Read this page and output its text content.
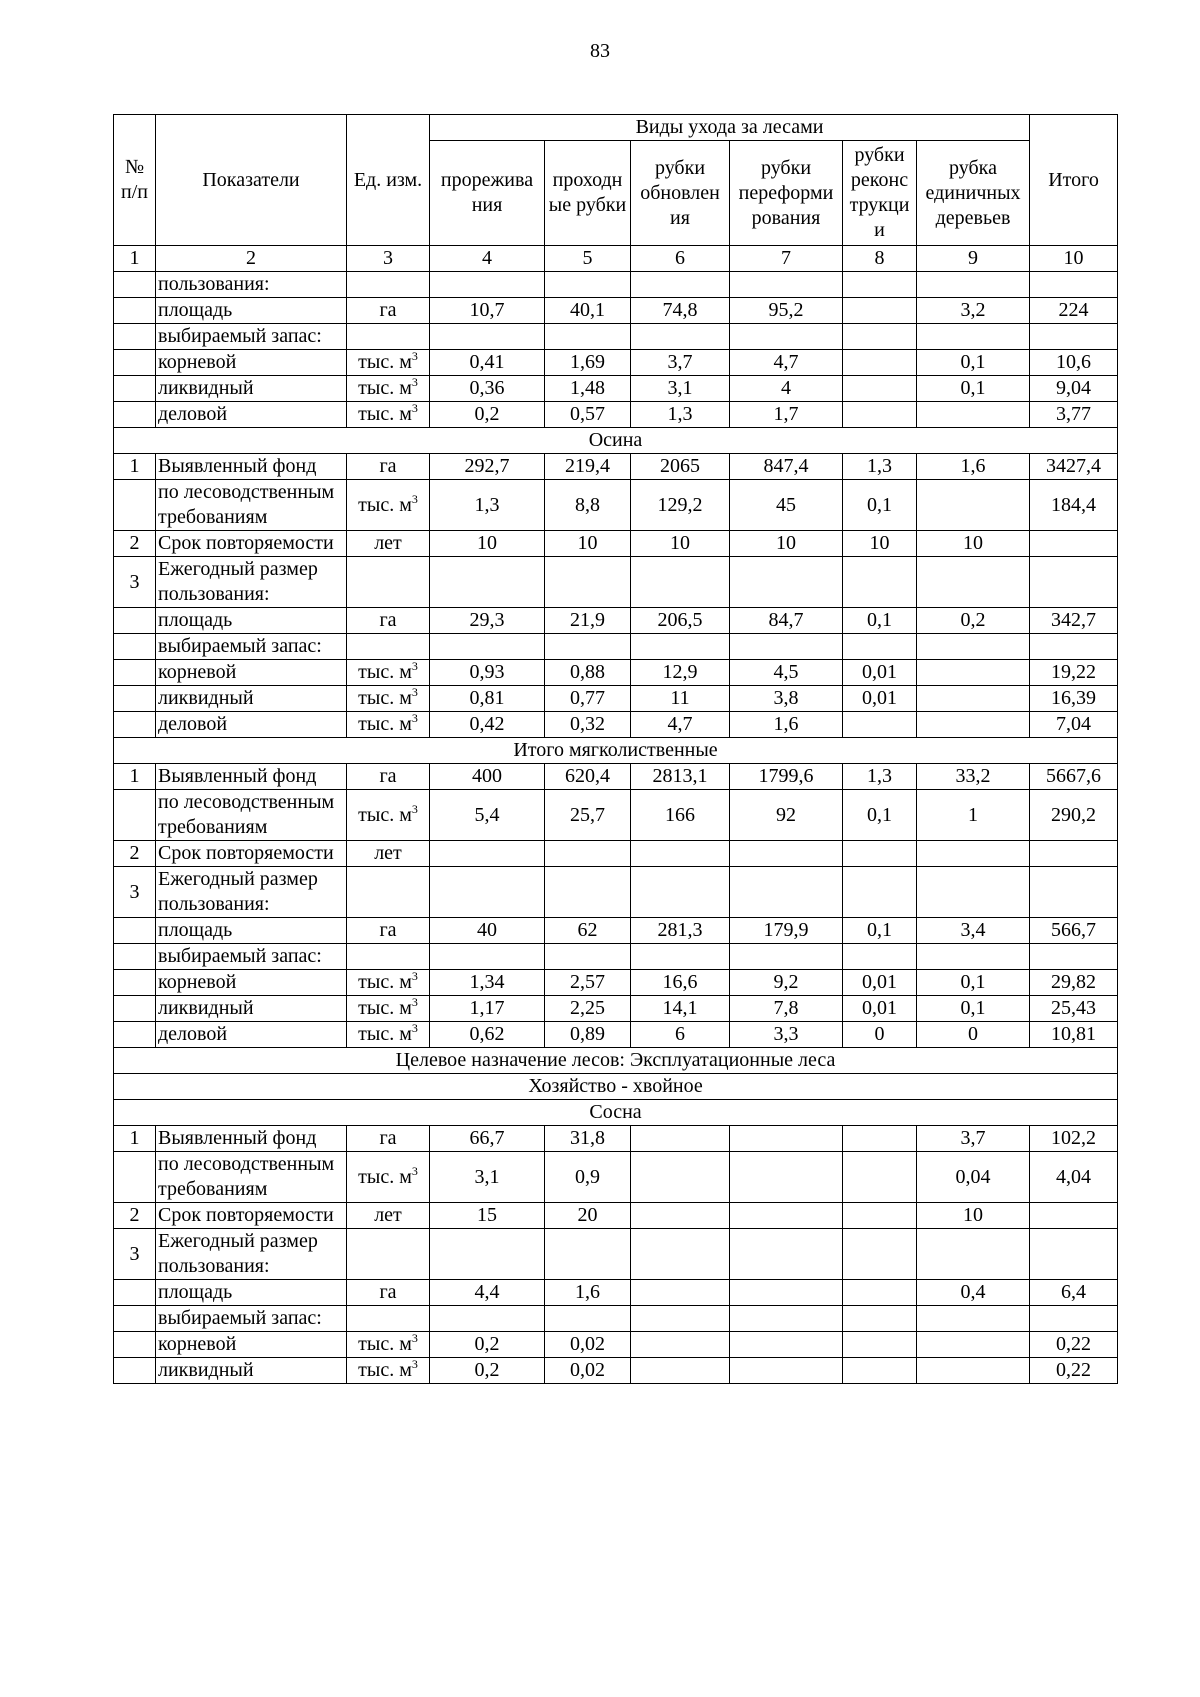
83
№ п/п	Показатели	Ед. изм.	Виды ухода за лесами						Итого
			прорежива ния	проходн ые рубки	рубки обновлен ия	рубки переформи рования	рубки реконс трукци и	рубка единичных деревьев	
1	2	3	4	5	6	7	8	9	10
	пользования:								
	площадь	га	10,7	40,1	74,8	95,2		3,2	224
	выбираемый запас:								
	корневой	тыс. $м^3$	0,41	1,69	3,7	4,7		0,1	10,6
	ликвидный	тыс. $м^3$	0,36	1,48	3,1	4		0,1	9,04
	деловой	тыс. $м^3$	0,2	0,57	1,3	1,7			3,77
Осина									
1	Выявленный фонд	га	292,7	219,4	2065	847,4	1,3	1,6	3427,4
	по лесоводственным требованиям	тыс. $м^3$	1,3	8,8	129,2	45	0,1		184,4
2	Срок повторяемости	лет	10	10	10	10	10	10	
3	Ежегодный размер пользования:								
	площадь	га	29,3	21,9	206,5	84,7	0,1	0,2	342,7
	выбираемый запас:								
	корневой	тыс. $м^3$	0,93	0,88	12,9	4,5	0,01		19,22
	ликвидный	тыс. $м^3$	0,81	0,77	11	3,8	0,01		16,39
	деловой	тыс. $м^3$	0,42	0,32	4,7	1,6			7,04
Итого мягколиственные									
1	Выявленный фонд	га	400	620,4	2813,1	1799,6	1,3	33,2	5667,6
	по лесоводственным требованиям	тыс. $м^3$	5,4	25,7	166	92	0,1	1	290,2
2	Срок повторяемости	лет							
3	Ежегодный размер пользования:								
	площадь	га	40	62	281,3	179,9	0,1	3,4	566,7
	выбираемый запас:								
	корневой	тыс. $м^3$	1,34	2,57	16,6	9,2	0,01	0,1	29,82
	ликвидный	тыс. $м^3$	1,17	2,25	14,1	7,8	0,01	0,1	25,43
	деловой	тыс. $м^3$	0,62	0,89	6	3,3	0	0	10,81
Целевое назначение лесов: Эксплуатационные леса									
Хозяйство - хвойное									
Сосна									
1	Выявленный фонд	га	66,7	31,8				3,7	102,2
	по лесоводственным требованиям	тыс. $м^3$	3,1	0,9				0,04	4,04
2	Срок повторяемости	лет	15	20				10	
3	Ежегодный размер пользования:								
	площадь	га	4,4	1,6				0,4	6,4
	выбираемый запас:								
	корневой	тыс. $м^3$	0,2	0,02					0,22
	ликвидный	тыс. $м^3$	0,2	0,02					0,22
